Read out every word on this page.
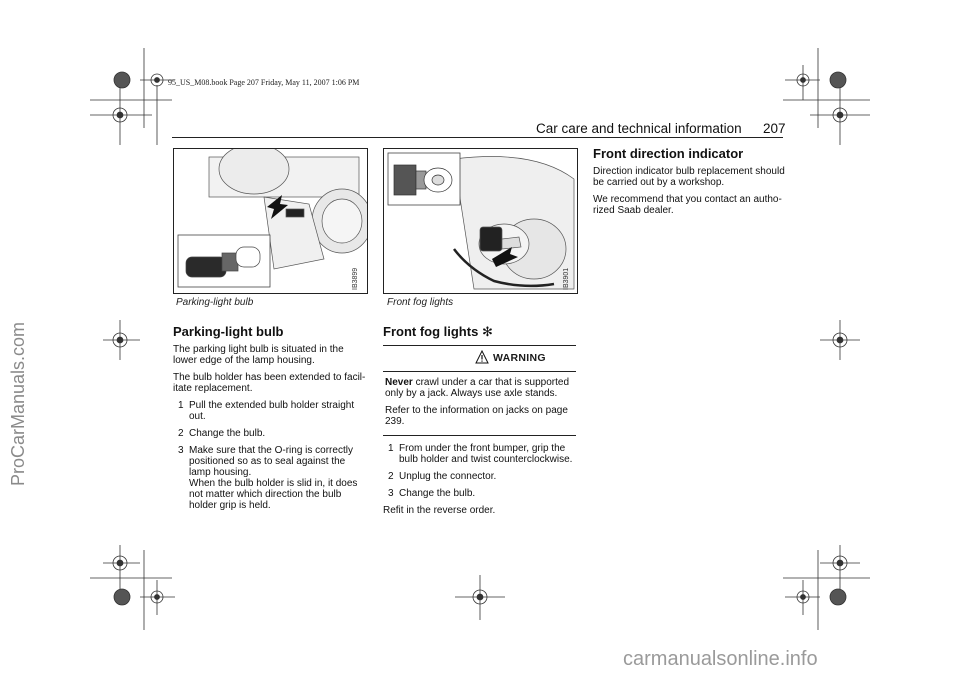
95_US_M08.book Page 207 Friday, May 11, 2007 1:06 PM
Car care and technical information 207
IB3899
Parking-light bulb
IB3901
Front fog lights
Parking-light bulb

The parking light bulb is situated in the lower edge of the lamp housing.

The bulb holder has been extended to facil-itate replacement.

1 Pull the extended bulb holder straight out.
2 Change the bulb.
3 Make sure that the O-ring is correctly positioned so as to seal against the lamp housing.
When the bulb holder is slid in, it does not matter which direction the bulb holder grip is held.
Front fog lights ✻
WARNING

Never crawl under a car that is supported only by a jack. Always use axle stands.

Refer to the information on jacks on page 239.

1 From under the front bumper, grip the bulb holder and twist counterclockwise.
2 Unplug the connector.
3 Change the bulb.

Refit in the reverse order.

Front direction indicator

Direction indicator bulb replacement should be carried out by a workshop.

We recommend that you contact an autho-rized Saab dealer.

ProCarManuals.com
carmanualsonline.info
